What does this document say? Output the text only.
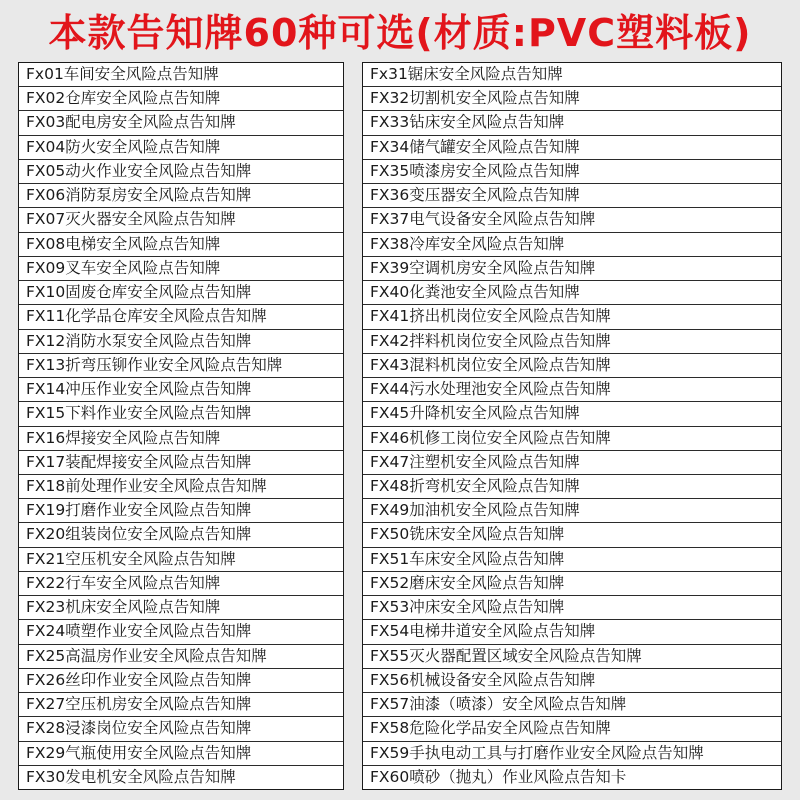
本款告知牌60种可选(材质:PVC塑料板)
Fx01车间安全风险点告知牌
FX02仓库安全风险点告知牌
FX03配电房安全风险点告知牌
FX04防火安全风险点告知牌
FX05动火作业安全风险点告知牌
FX06消防泵房安全风险点告知牌
FX07灭火器安全风险点告知牌
FX08电梯安全风险点告知牌
FX09叉车安全风险点告知牌
FX10固废仓库安全风险点告知牌
FX11化学品仓库安全风险点告知牌
FX12消防水泵安全风险点告知牌
FX13折弯压铆作业安全风险点告知牌
FX14冲压作业安全风险点告知牌
FX15下料作业安全风险点告知牌
FX16焊接安全风险点告知牌
FX17装配焊接安全风险点告知牌
FX18前处理作业安全风险点告知牌
FX19打磨作业安全风险点告知牌
FX20组装岗位安全风险点告知牌
FX21空压机安全风险点告知牌
FX22行车安全风险点告知牌
FX23机床安全风险点告知牌
FX24喷塑作业安全风险点告知牌
FX25高温房作业安全风险点告知牌
FX26丝印作业安全风险点告知牌
FX27空压机房安全风险点告知牌
FX28浸漆岗位安全风险点告知牌
FX29气瓶使用安全风险点告知牌
FX30发电机安全风险点告知牌
Fx31锯床安全风险点告知牌
FX32切割机安全风险点告知牌
FX33钻床安全风险点告知牌
FX34储气罐安全风险点告知牌
FX35喷漆房安全风险点告知牌
FX36变压器安全风险点告知牌
FX37电气设备安全风险点告知牌
FX38冷库安全风险点告知牌
FX39空调机房安全风险点告知牌
FX40化粪池安全风险点告知牌
FX41挤出机岗位安全风险点告知牌
FX42拌料机岗位安全风险点告知牌
FX43混料机岗位安全风险点告知牌
FX44污水处理池安全风险点告知牌
FX45升降机安全风险点告知牌
FX46机修工岗位安全风险点告知牌
FX47注塑机安全风险点告知牌
FX48折弯机安全风险点告知牌
FX49加油机安全风险点告知牌
FX50铣床安全风险点告知牌
FX51车床安全风险点告知牌
FX52磨床安全风险点告知牌
FX53冲床安全风险点告知牌
FX54电梯井道安全风险点告知牌
FX55灭火器配置区域安全风险点告知牌
FX56机械设备安全风险点告知牌
FX57油漆（喷漆）安全风险点告知牌
FX58危险化学品安全风险点告知牌
FX59手执电动工具与打磨作业安全风险点告知牌
FX60喷砂（抛丸）作业风险点告知卡
